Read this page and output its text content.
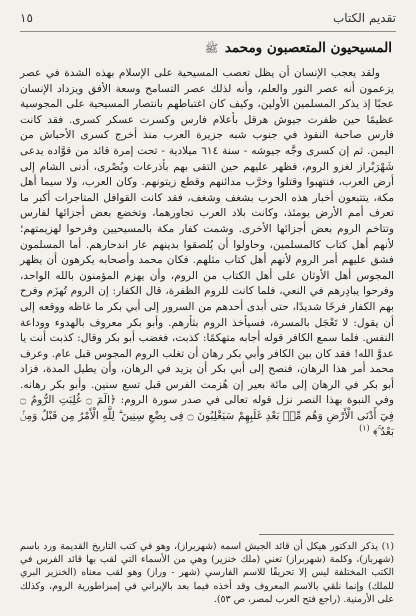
تقديم الكتاب
١٥
المسيحيون المتعصبون ومحمد ﷺ

ولقد يعجب الإنسان أن يظل تعصب المسيحية على الإسلام بهذه الشدة في عصر يزعمون أنه عصر النور والعلم، وأنه لذلك عصر التسامح وسعة الأفق ويزداد الإنسان عجبًا إذ يذكر المسلمين الأولين، وكيف كان اغتباطهم بانتصار المسيحية على المجوسية عظيمًا حين ظفرت جيوش هرقل بأعلام فارس وكسرت عسكر كسرى. فقد كانت فارس صاحبة النفوذ في جنوب شبه جزيرة العرب منذ أخرج كسرى الأحباش من اليمن. ثم إن كسرى وجَّه جيوشه - سنة ٦١٤ ميلادية - تحت إمرة قائد من قوَّاده يدعى شَهْرَبْراز لغزو الروم، فظهر عليهم حين التقى بهم بأذرعات وبُصْرى، أدنى الشام إلى أرض العرب، فنتهبوا وقتلوا وخرَّب مدائنهم وقطع زيتونهم. وكان العرب، ولا سيما أهل مكة، يتتبعون أخبار هذه الحرب بشغف وشغف، فقد كانت القوافل المتاجرات أكبر ما تعرف أمم الأرض يومئذ، وكانت بلاد العرب تجاورهما، وتخضع بعض أجزائها لفارس وتتاخم الروم بعض أجزائها الأخرى. وشمت كفار مكة بالمسيحيين وفرحوا لهزيمتهم؛ لأنهم أهل كتاب كالمسلمين، وحاولوا أن يُلصقوا بدينهم عار اندحارهم. أما المسلمون فشق عليهم أمر الروم لأنهم أهل كتاب مثلهم. فكان محمد وأصحابه يكرهون أن يظهر المجوس أهل الأوثان على أهل الكتاب من الروم، وأن يهزم المؤمنون بالله الواحد، وفرحوا يبادِرهم في النعي، فلما كانت للروم الظفرة، قال الكفار: إن الروم تُهزَم وفرح بهم الكفار فرحًا شديدًا، حتى أبدى أحدهم من السرور إلى أبي بكر ما غاظه ووقعه إلى أن يقول: لا تَعْجَل بالمسرة، فسيأخذ الروم بثأرهم. وأبو بكر معروف بالهدوء ووداعة النفس. فلما سمع الكافر قوله أجابه متهكمًا: كذبت، فغضب أبو بكر وقال: كذبت أنت يا عدوَّ الله! فقد كان بين الكافر وأبي بكر رهان أن تغلب الروم المجوس قبل عام. وعرف محمد أمر هذا الرهان، فنصح إلى أبي بكر أن يزيد في الرهان، وأن يطيل المدة، فزاد أبو بكر في الرهان إلى مائة بعير إن هُزمت الفرس قبل تسع سنين. وأبو بكر رهانه. وفي النبوة بهذا النصر نزل قوله تعالى في صدر سورة الروم: ﴿الٓمٓ ۝ غُلِبَتِ الرُّومُ ۝ فِيٓ أَدْنَى الْأَرْضِ وَهُم مِّنۢ بَعْدِ غَلَبِهِمْ سَيَغْلِبُونَ ۝ فِى بِضْعِ سِنِينَ ۗ لِلَّهِ الْأَمْرُ مِن قَبْلُ وَمِنۢ بَعْدُ ۚ﴾ $^{(١)}$

(١) يذكر الدكتور هيكل أن قائد الجيش اسمه (شهربراز)، وهو في كتب التاريخ القديمة ورد باسم (شهرباز)، وكلمة (شهربراز) تعني (ملك خنزير) وهي من الأسماء التي لقب بها قائد الفرس في الكتب المختلفة ليس إلا تحريفًا للاسم الفارسي (شهر - وراز) وهو لقب معناه (الخنزير البري للملك) وإنما نلقي بالاسم المعروف وقد أخذه فيما بعد بالإيراني في إمبراطورية الروم، وكذلك على الأرمنية. (راجع فتح العرب لمصر، ص ٥٣).
